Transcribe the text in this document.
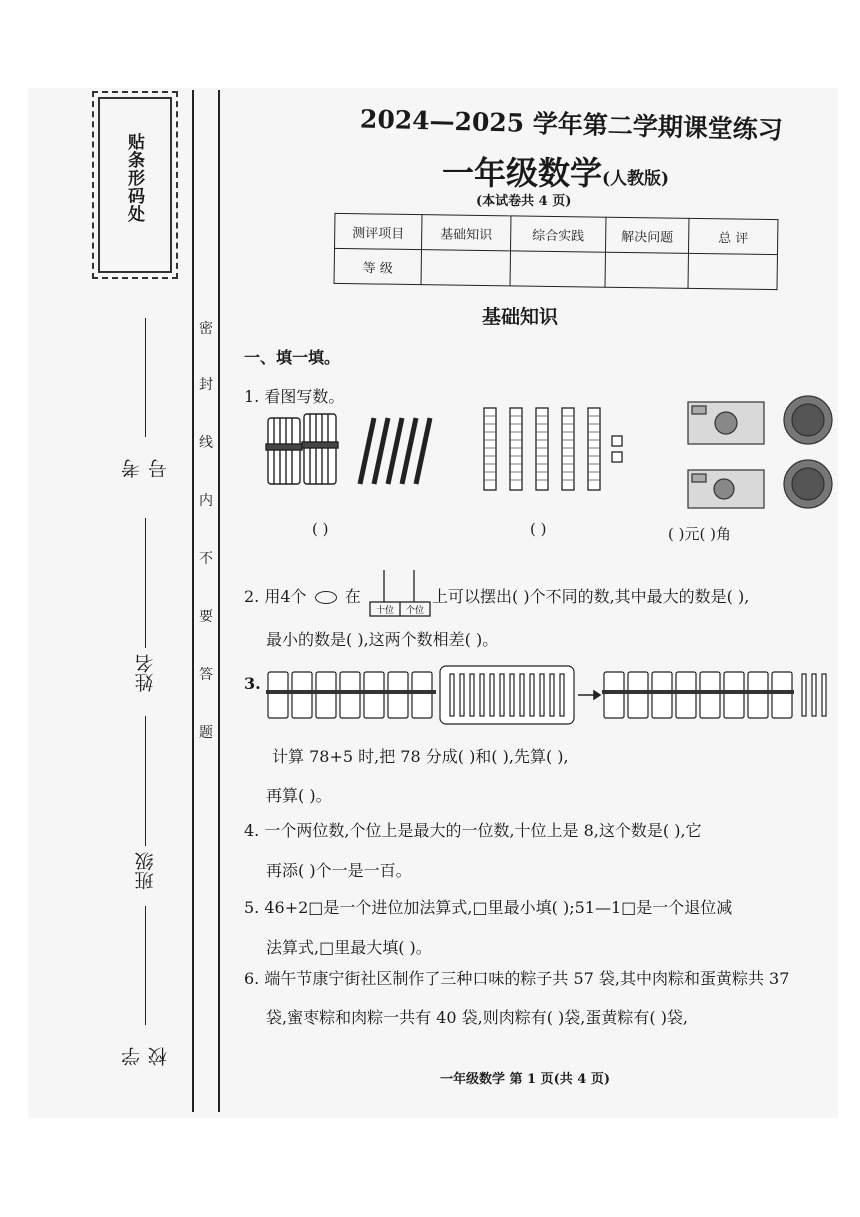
贴条形码处
考号
姓名
班级
学校
密
封
线
内
不
要
答
题
2024—2025 学年第二学期课堂练习
一年级数学(人教版)
(本试卷共 4 页)
测评项目	基础知识	综合实践	解决问题	总 评
等 级				
基础知识
一、填一填。
1. 看图写数。
( )	( )	( )元( )角
2. 用4个 在
十位 个位
上可以摆出( )个不同的数,其中最大的数是( ),
最小的数是( ),这两个数相差( )。
3.
计算 78+5 时,把 78 分成( )和( ),先算( ),
再算( )。
4. 一个两位数,个位上是最大的一位数,十位上是 8,这个数是( ),它
再添( )个一是一百。
5. 46+2□是一个进位加法算式,□里最小填( );51—1□是一个退位减
法算式,□里最大填( )。
6. 端午节康宁街社区制作了三种口味的粽子共 57 袋,其中肉粽和蛋黄粽共 37
袋,蜜枣粽和肉粽一共有 40 袋,则肉粽有( )袋,蛋黄粽有( )袋,
一年级数学 第 1 页(共 4 页)
